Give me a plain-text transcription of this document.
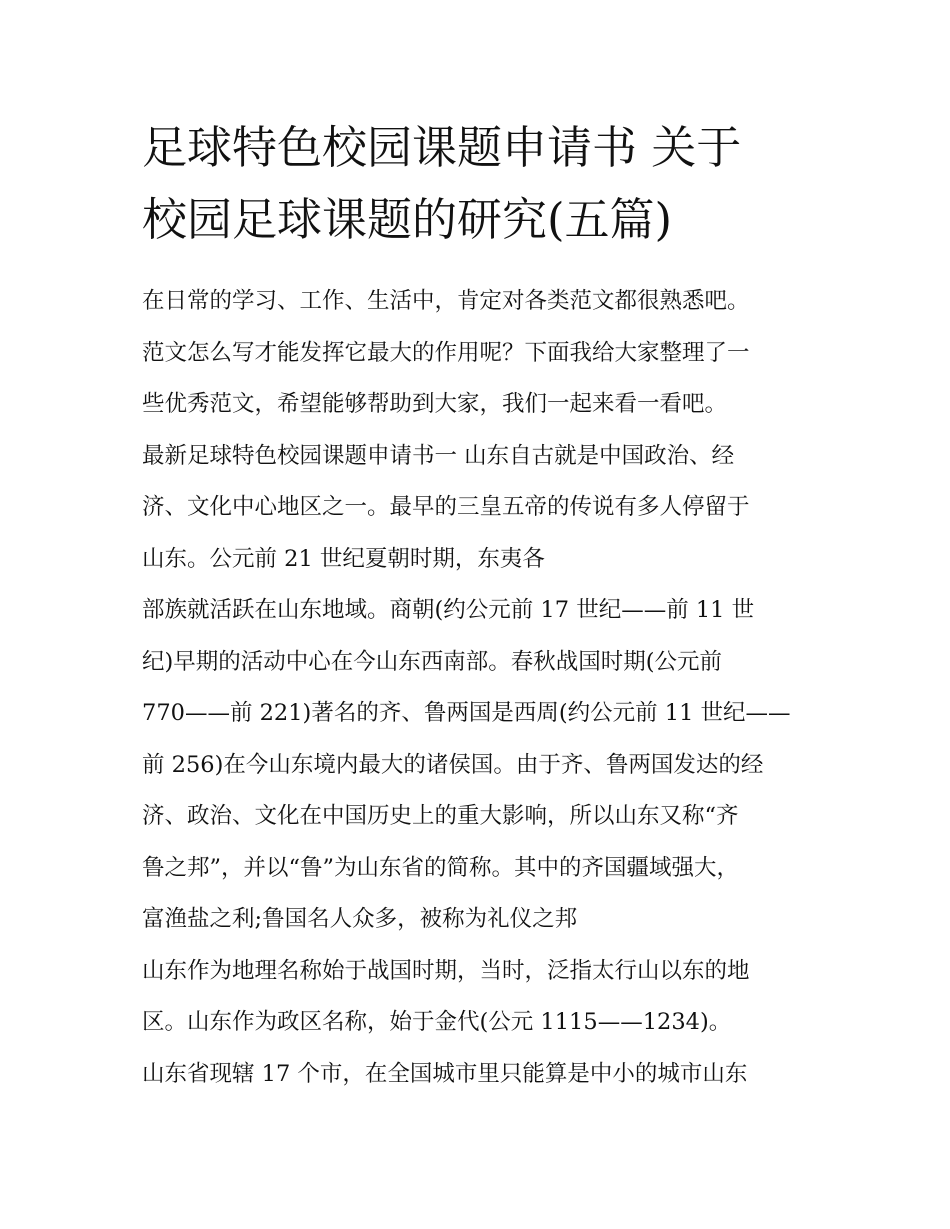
足球特色校园课题申请书 关于
校园足球课题的研究(五篇)
在日常的学习、工作、生活中，肯定对各类范文都很熟悉吧。
范文怎么写才能发挥它最大的作用呢？下面我给大家整理了一
些优秀范文，希望能够帮助到大家，我们一起来看一看吧。
最新足球特色校园课题申请书一 山东自古就是中国政治、经
济、文化中心地区之一。最早的三皇五帝的传说有多人停留于
山东。公元前 21 世纪夏朝时期，东夷各
部族就活跃在山东地域。商朝(约公元前 17 世纪——前 11 世
纪)早期的活动中心在今山东西南部。春秋战国时期(公元前
770——前 221)著名的齐、鲁两国是西周(约公元前 11 世纪——
前 256)在今山东境内最大的诸侯国。由于齐、鲁两国发达的经
济、政治、文化在中国历史上的重大影响，所以山东又称“齐
鲁之邦”，并以“鲁”为山东省的简称。其中的齐国疆域强大，
富渔盐之利;鲁国名人众多，被称为礼仪之邦
山东作为地理名称始于战国时期，当时，泛指太行山以东的地
区。山东作为政区名称，始于金代(公元 1115——1234)。
山东省现辖 17 个市，在全国城市里只能算是中小的城市山东
